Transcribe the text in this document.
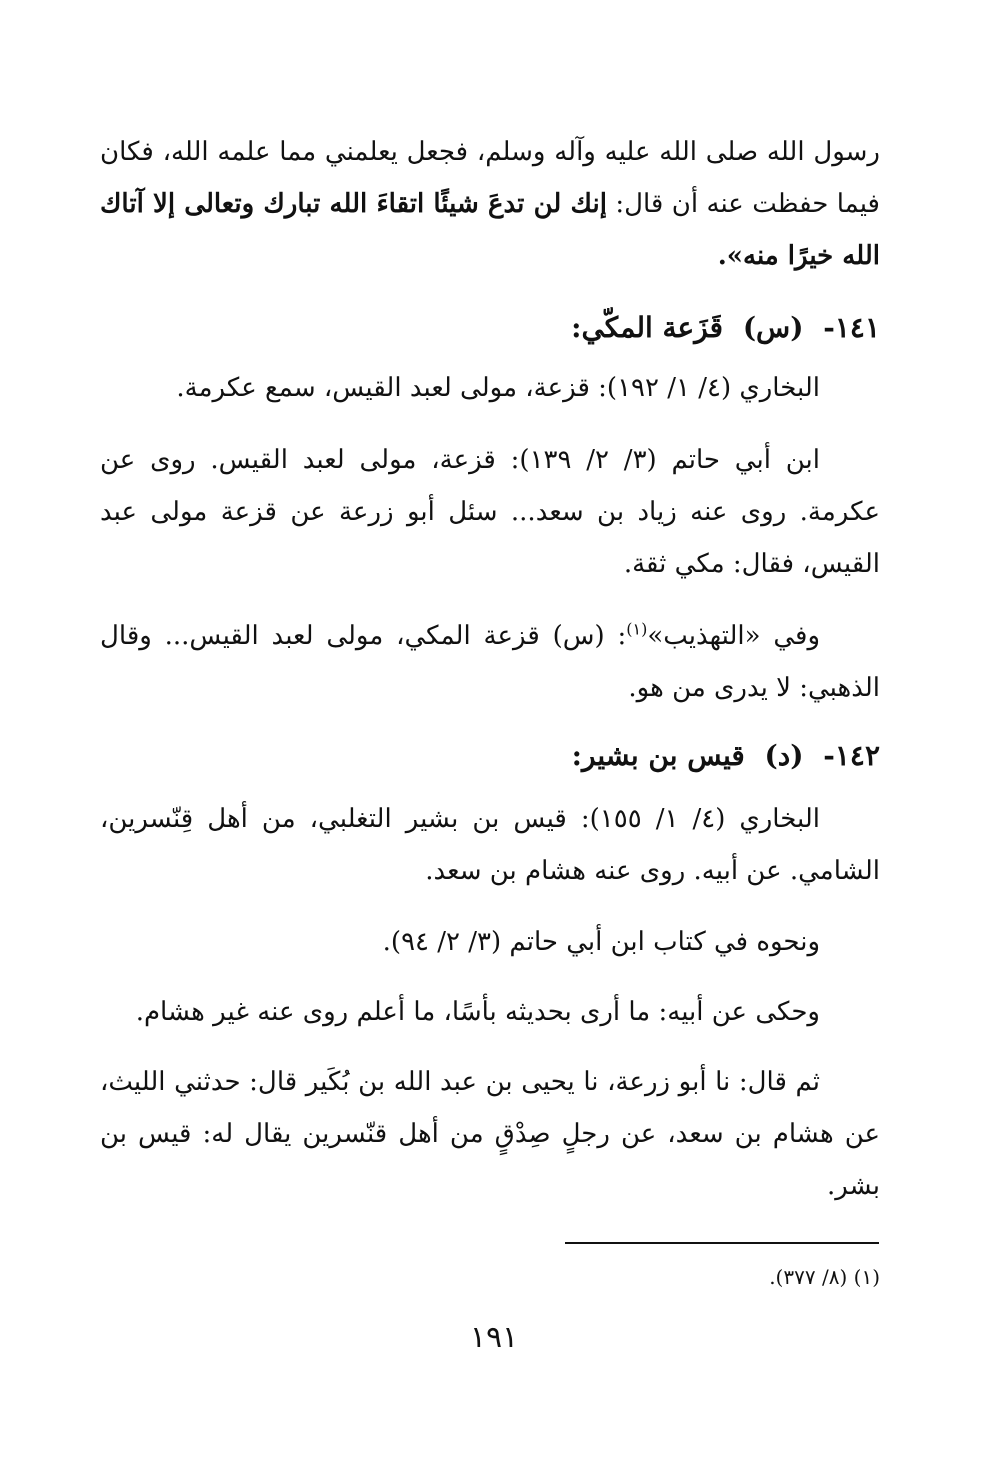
رسول الله صلى الله عليه وآله وسلم، فجعل يعلمني مما علمه الله، فكان فيما حفظت عنه أن قال: إنك لن تدعَ شيئًا اتقاءَ الله تبارك وتعالى إلا آتاك الله خيرًا منه».
١٤١- (س) قَزَعة المكّي:
البخاري (٤/ ١/ ١٩٢): قزعة، مولى لعبد القيس، سمع عكرمة.
ابن أبي حاتم (٣/ ٢/ ١٣٩): قزعة، مولى لعبد القيس. روى عن عكرمة. روى عنه زياد بن سعد... سئل أبو زرعة عن قزعة مولى عبد القيس، فقال: مكي ثقة.
وفي «التهذيب»$^{(١)}$: (س) قزعة المكي، مولى لعبد القيس... وقال الذهبي: لا يدرى من هو.
١٤٢- (د) قيس بن بشير:
البخاري (٤/ ١/ ١٥٥): قيس بن بشير التغلبي، من أهل قِنّسرين، الشامي. عن أبيه. روى عنه هشام بن سعد.
ونحوه في كتاب ابن أبي حاتم (٣/ ٢/ ٩٤).
وحكى عن أبيه: ما أرى بحديثه بأسًا، ما أعلم روى عنه غير هشام.
ثم قال: نا أبو زرعة، نا يحيى بن عبد الله بن بُكَير قال: حدثني الليث، عن هشام بن سعد، عن رجلٍ صِدْقٍ من أهل قنّسرين يقال له: قيس بن بشر.
(١) (٨/ ٣٧٧).
١٩١
